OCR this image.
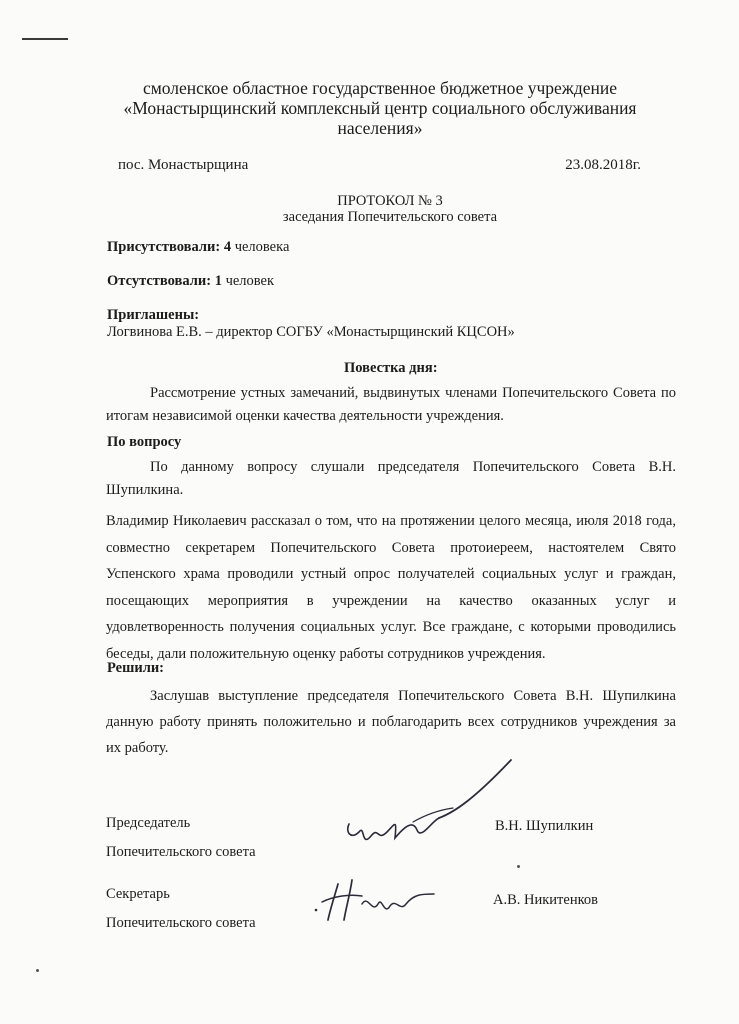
смоленское областное государственное бюджетное учреждение
«Монастырщинский комплексный центр социального обслуживания
населения»
пос. Монастырщина	23.08.2018г.
ПРОТОКОЛ № 3
заседания Попечительского совета
Присутствовали: 4 человека
Отсутствовали: 1 человек
Приглашены:
Логвинова Е.В. – директор СОГБУ «Монастырщинский КЦСОН»
Повестка дня:
Рассмотрение устных замечаний, выдвинутых членами Попечительского Совета по
итогам независимой оценки качества деятельности учреждения.
По вопросу
По данному вопросу слушали председателя Попечительского Совета В.Н.
Шупилкина.
Владимир Николаевич рассказал о том, что на протяжении целого месяца, июля 2018 года,
совместно секретарем Попечительского Совета протоиереем, настоятелем Свято
Успенского храма проводили устный опрос получателей социальных услуг и граждан,
посещающих мероприятия в учреждении на качество оказанных услуг и
удовлетворенность получения социальных услуг. Все граждане, с которыми проводились
беседы, дали положительную оценку работы сотрудников учреждения.
Решили:
Заслушав выступление председателя Попечительского Совета В.Н. Шупилкина
данную работу принять положительно и поблагодарить всех сотрудников учреждения за
их работу.
Председатель
Попечительского совета
В.Н. Шупилкин
Секретарь
Попечительского совета
А.В. Никитенков
